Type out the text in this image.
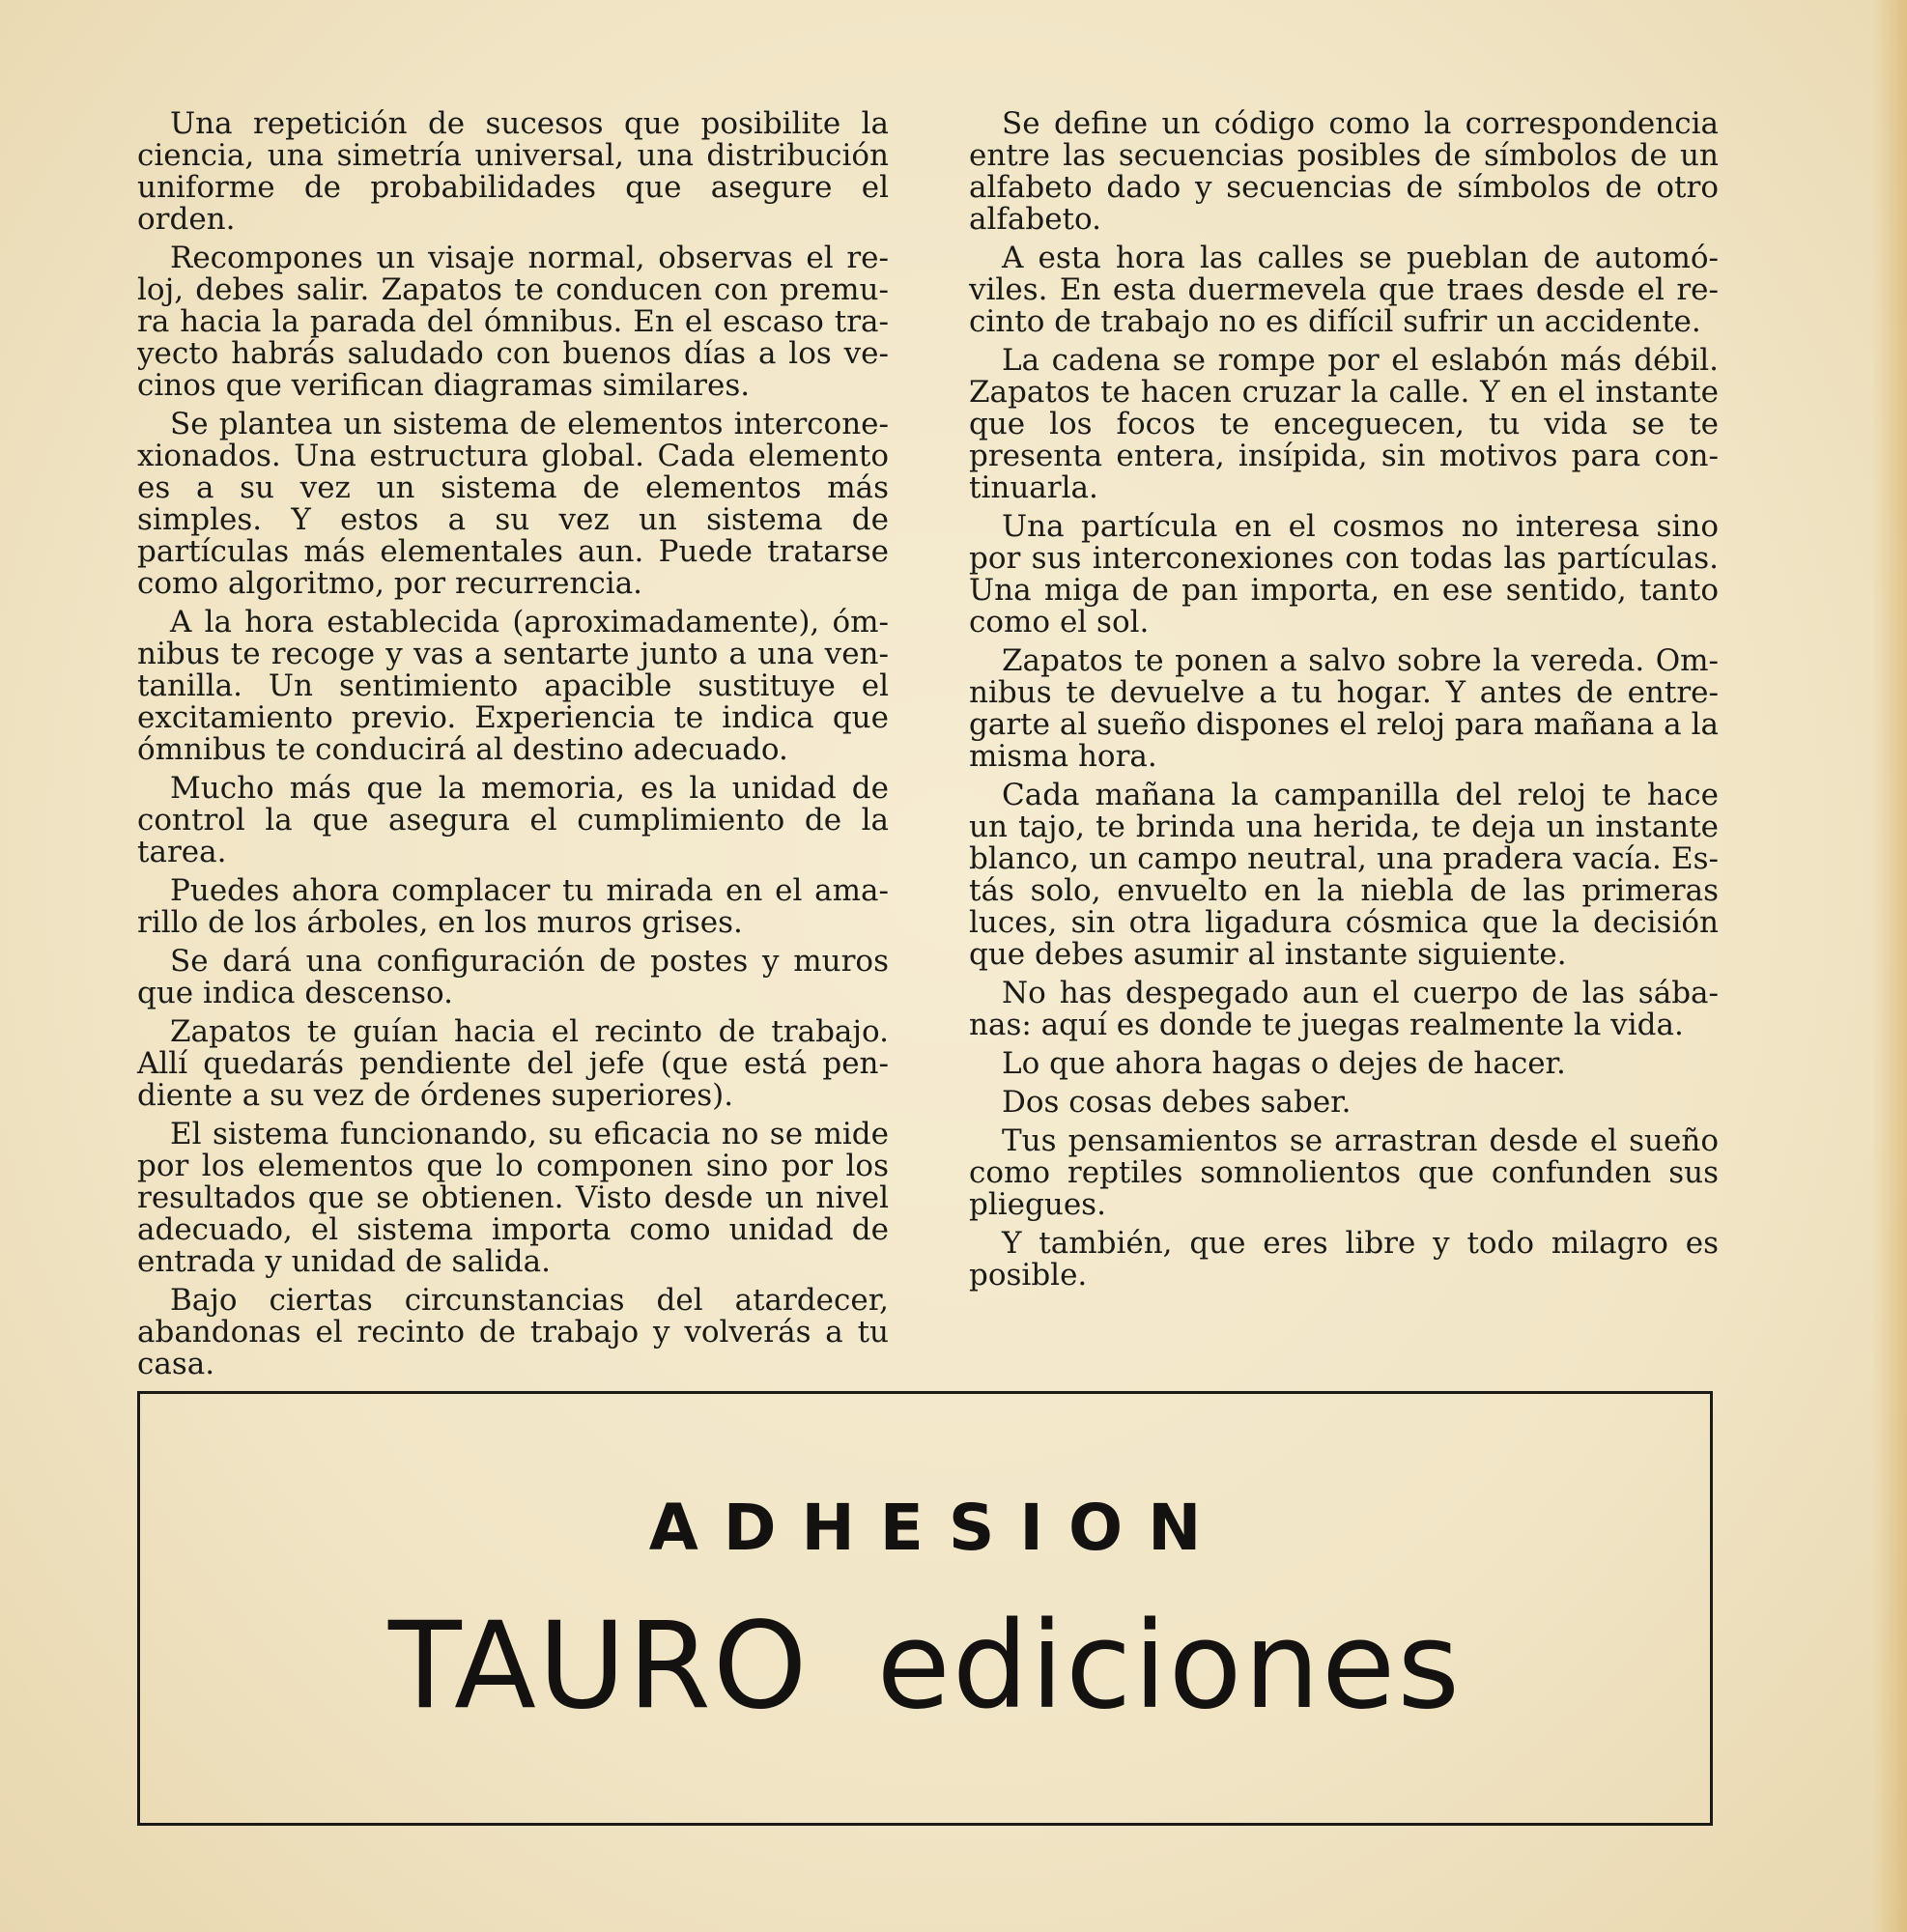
Una repetición de sucesos que posibilite la ciencia, una simetría universal, una distribución uniforme de probabilidades que asegure el orden.

Recompones un visaje normal, observas el reloj, debes salir. Zapatos te conducen con premura hacia la parada del ómnibus. En el escaso trayecto habrás saludado con buenos días a los vecinos que verifican diagramas similares.

Se plantea un sistema de elementos interconexionados. Una estructura global. Cada elemento es a su vez un sistema de elementos más simples. Y estos a su vez un sistema de partículas más elementales aun. Puede tratarse como algoritmo, por recurrencia.

A la hora establecida (aproximadamente), ómnibus te recoge y vas a sentarte junto a una ventanilla. Un sentimiento apacible sustituye el excitamiento previo. Experiencia te indica que ómnibus te conducirá al destino adecuado.

Mucho más que la memoria, es la unidad de control la que asegura el cumplimiento de la tarea.

Puedes ahora complacer tu mirada en el amarillo de los árboles, en los muros grises.

Se dará una configuración de postes y muros que indica descenso.

Zapatos te guían hacia el recinto de trabajo. Allí quedarás pendiente del jefe (que está pendiente a su vez de órdenes superiores).

El sistema funcionando, su eficacia no se mide por los elementos que lo componen sino por los resultados que se obtienen. Visto desde un nivel adecuado, el sistema importa como unidad de entrada y unidad de salida.

Bajo ciertas circunstancias del atardecer, abandonas el recinto de trabajo y volverás a tu casa.

Se define un código como la correspondencia entre las secuencias posibles de símbolos de un alfabeto dado y secuencias de símbolos de otro alfabeto.

A esta hora las calles se pueblan de automóviles. En esta duermevela que traes desde el recinto de trabajo no es difícil sufrir un accidente.

La cadena se rompe por el eslabón más débil. Zapatos te hacen cruzar la calle. Y en el instante que los focos te enceguecen, tu vida se te presenta entera, insípida, sin motivos para continuarla.

Una partícula en el cosmos no interesa sino por sus interconexiones con todas las partículas. Una miga de pan importa, en ese sentido, tanto como el sol.

Zapatos te ponen a salvo sobre la vereda. Omnibus te devuelve a tu hogar. Y antes de entregarte al sueño dispones el reloj para mañana a la misma hora.

Cada mañana la campanilla del reloj te hace un tajo, te brinda una herida, te deja un instante blanco, un campo neutral, una pradera vacía. Estás solo, envuelto en la niebla de las primeras luces, sin otra ligadura cósmica que la decisión que debes asumir al instante siguiente.

No has despegado aun el cuerpo de las sábanas: aquí es donde te juegas realmente la vida.

Lo que ahora hagas o dejes de hacer.

Dos cosas debes saber.

Tus pensamientos se arrastran desde el sueño como reptiles somnolientos que confunden sus pliegues.

Y también, que eres libre y todo milagro es posible.

ADHESION
TAURO ediciones
